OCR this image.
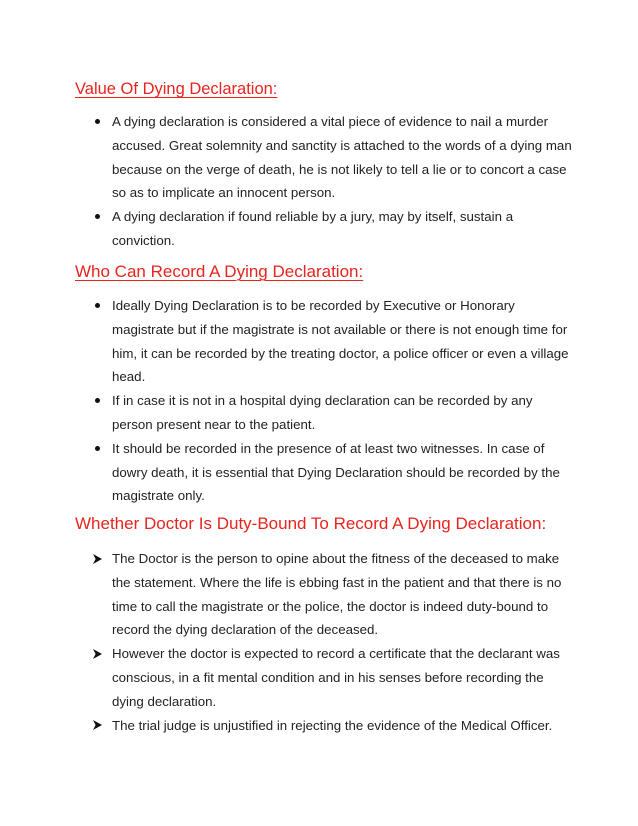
Value Of Dying Declaration:
A dying declaration is considered a vital piece of evidence to nail a murder accused. Great solemnity and sanctity is attached to the words of a dying man because on the verge of death, he is not likely to tell a lie or to concort a case so as to implicate an innocent person.
A dying declaration if found reliable by a jury, may by itself, sustain a conviction.
Who Can Record A Dying Declaration:
Ideally Dying Declaration is to be recorded by Executive or Honorary magistrate but if the magistrate is not available or there is not enough time for him, it can be recorded by the treating doctor, a police officer or even a village head.
If in case it is not in a hospital dying declaration can be recorded by any person present near to the patient.
It should be recorded in the presence of at least two witnesses. In case of dowry death, it is essential that Dying Declaration should be recorded by the magistrate only.
Whether Doctor Is Duty-Bound To Record A Dying Declaration:
The Doctor is the person to opine about the fitness of the deceased to make the statement. Where the life is ebbing fast in the patient and that there is no time to call the magistrate or the police, the doctor is indeed duty-bound to record the dying declaration of the deceased.
However the doctor is expected to record a certificate that the declarant was conscious, in a fit mental condition and in his senses before recording the dying declaration.
The trial judge is unjustified in rejecting the evidence of the Medical Officer.
